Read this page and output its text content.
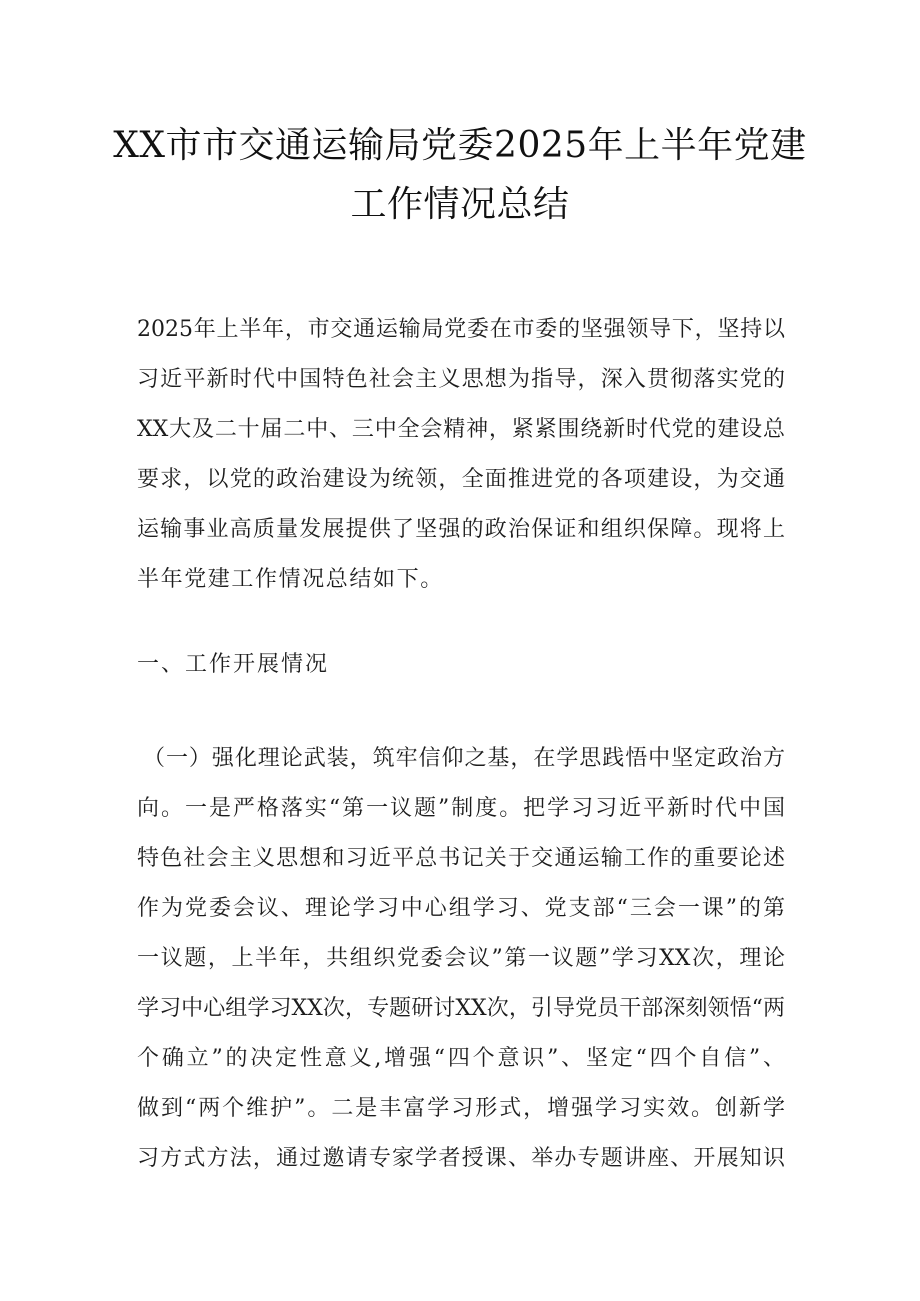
XX市市交通运输局党委2025年上半年党建
工作情况总结
2025年上半年，市交通运输局党委在市委的坚强领导下，坚持以
习近平新时代中国特色社会主义思想为指导，深入贯彻落实党的
XX大及二十届二中、三中全会精神，紧紧围绕新时代党的建设总
要求，以党的政治建设为统领，全面推进党的各项建设，为交通
运输事业高质量发展提供了坚强的政治保证和组织保障。现将上
半年党建工作情况总结如下。
一、工作开展情况
（一）强化理论武装，筑牢信仰之基，在学思践悟中坚定政治方
向。一是严格落实“第一议题”制度。把学习习近平新时代中国
特色社会主义思想和习近平总书记关于交通运输工作的重要论述
作为党委会议、理论学习中心组学习、党支部“三会一课”的第
一议题，上半年，共组织党委会议”第一议题”学习XX次，理论
学习中心组学习XX次，专题研讨XX次，引导党员干部深刻领悟“两
个确立”的决定性意义,增强“四个意识”、坚定“四个自信”、
做到“两个维护”。二是丰富学习形式，增强学习实效。创新学
习方式方法，通过邀请专家学者授课、举办专题讲座、开展知识
